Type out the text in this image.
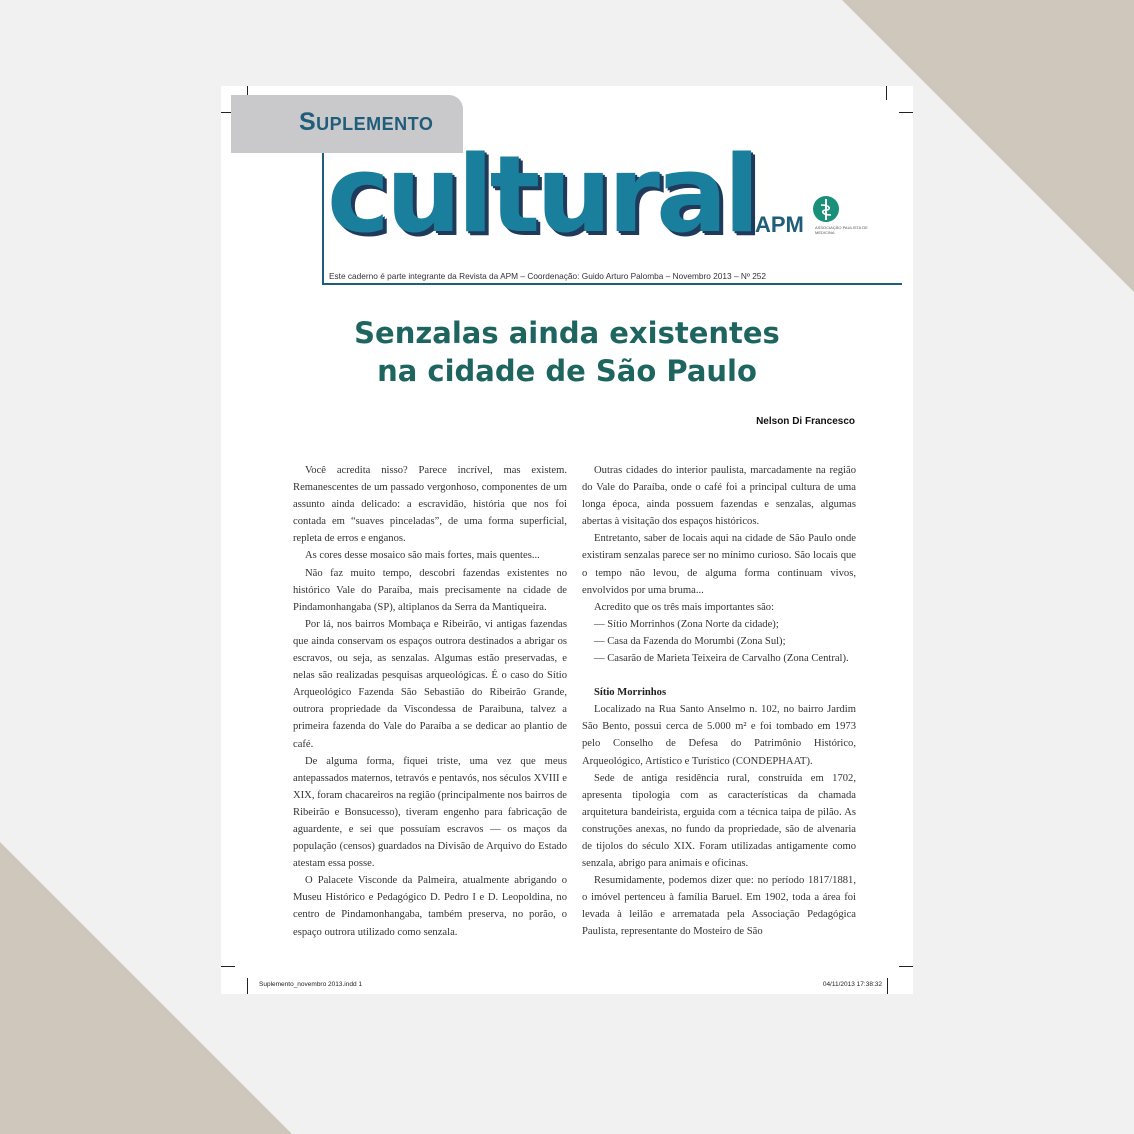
Suplemento
cultural APM	ASSOCIAÇÃO PAULISTA DE MEDICINA
Este caderno é parte integrante da Revista da APM – Coordenação: Guido Arturo Palomba – Novembro 2013 – Nº 252
Senzalas ainda existentes
na cidade de São Paulo
Nelson Di Francesco

Você acredita nisso? Parece incrível, mas existem. Remanescentes de um passado vergonhoso, componentes de um assunto ainda delicado: a escravidão, história que nos foi contada em “suaves pinceladas”, de uma forma superficial, repleta de erros e enganos.

As cores desse mosaico são mais fortes, mais quentes...

Não faz muito tempo, descobri fazendas existentes no histórico Vale do Paraíba, mais precisamente na cidade de Pindamonhangaba (SP), altiplanos da Serra da Mantiqueira.

Por lá, nos bairros Mombaça e Ribeirão, vi antigas fazendas que ainda conservam os espaços outrora destinados a abrigar os escravos, ou seja, as senzalas. Algumas estão preservadas, e nelas são realizadas pesquisas arqueológicas. É o caso do Sítio Arqueológico Fazenda São Sebastião do Ribeirão Grande, outrora propriedade da Viscondessa de Paraibuna, talvez a primeira fazenda do Vale do Paraíba a se dedicar ao plantio de café.

De alguma forma, fiquei triste, uma vez que meus antepassados maternos, tetravós e pentavós, nos séculos XVIII e XIX, foram chacareiros na região (principalmente nos bairros de Ribeirão e Bonsucesso), tiveram engenho para fabricação de aguardente, e sei que possuíam escravos — os maços da população (censos) guardados na Divisão de Arquivo do Estado atestam essa posse.

O Palacete Visconde da Palmeira, atualmente abrigando o Museu Histórico e Pedagógico D. Pedro I e D. Leopoldina, no centro de Pindamonhangaba, também preserva, no porão, o espaço outrora utilizado como senzala.

Outras cidades do interior paulista, marcadamente na região do Vale do Paraíba, onde o café foi a principal cultura de uma longa época, ainda possuem fazendas e senzalas, algumas abertas à visitação dos espaços históricos.

Entretanto, saber de locais aqui na cidade de São Paulo onde existiram senzalas parece ser no mínimo curioso. São locais que o tempo não levou, de alguma forma continuam vivos, envolvidos por uma bruma...

Acredito que os três mais importantes são:

— Sítio Morrinhos (Zona Norte da cidade);

— Casa da Fazenda do Morumbi (Zona Sul);

— Casarão de Marieta Teixeira de Carvalho (Zona Central).

Sítio Morrinhos

Localizado na Rua Santo Anselmo n. 102, no bairro Jardim São Bento, possui cerca de 5.000 m² e foi tombado em 1973 pelo Conselho de Defesa do Patrimônio Histórico, Arqueológico, Artístico e Turístico (CONDEPHAAT).

Sede de antiga residência rural, construída em 1702, apresenta tipologia com as características da chamada arquitetura bandeirista, erguida com a técnica taipa de pilão. As construções anexas, no fundo da propriedade, são de alvenaria de tijolos do século XIX. Foram utilizadas antigamente como senzala, abrigo para animais e oficinas.

Resumidamente, podemos dizer que: no período 1817/1881, o imóvel pertenceu à família Baruel. Em 1902, toda a área foi levada à leilão e arrematada pela Associação Pedagógica Paulista, representante do Mosteiro de São

Suplemento_novembro 2013.indd 1	04/11/2013 17:38:32
